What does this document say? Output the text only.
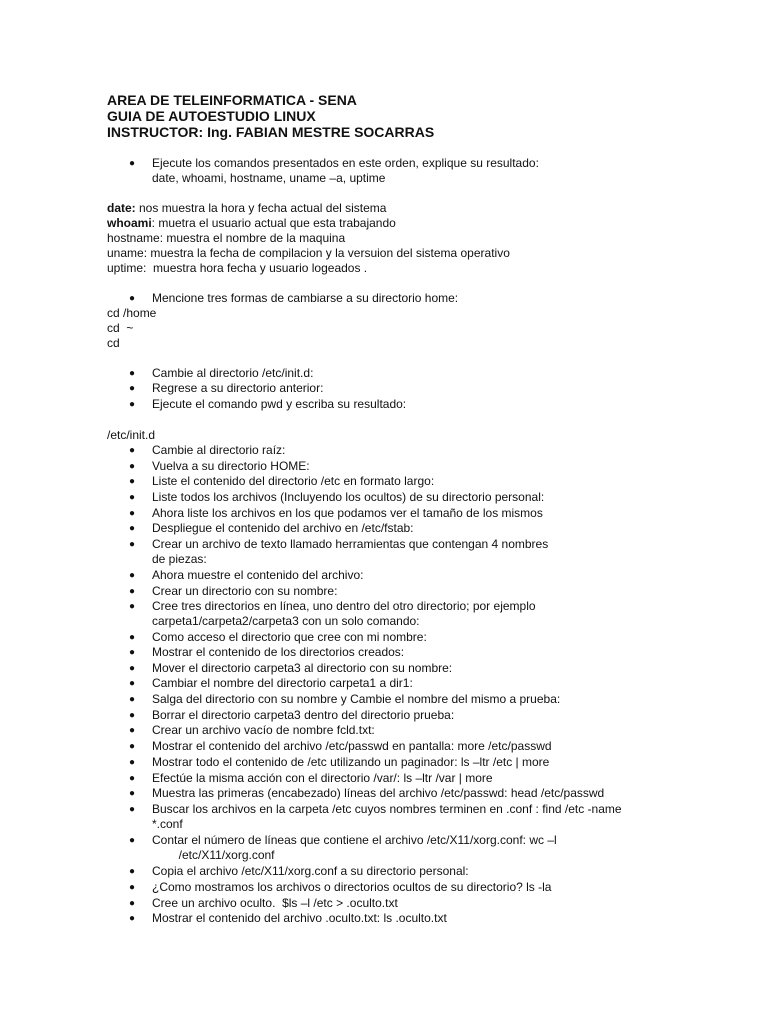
AREA DE TELEINFORMATICA - SENA
GUIA DE AUTOESTUDIO LINUX
INSTRUCTOR: Ing. FABIAN MESTRE SOCARRAS
● Ejecute los comandos presentados en este orden, explique su resultado:
date, whoami, hostname, uname –a, uptime
date: nos muestra la hora y fecha actual del sistema
whoami: muetra el usuario actual que esta trabajando
hostname: muestra el nombre de la maquina
uname: muestra la fecha de compilacion y la versuion del sistema operativo
uptime:  muestra hora fecha y usuario logeados .
● Mencione tres formas de cambiarse a su directorio home:
cd /home
cd  ~
cd
● Cambie al directorio /etc/init.d:
● Regrese a su directorio anterior:
● Ejecute el comando pwd y escriba su resultado:
/etc/init.d
● Cambie al directorio raíz:
● Vuelva a su directorio HOME:
● Liste el contenido del directorio /etc en formato largo:
● Liste todos los archivos (Incluyendo los ocultos) de su directorio personal:
● Ahora liste los archivos en los que podamos ver el tamaño de los mismos
● Despliegue el contenido del archivo en /etc/fstab:
● Crear un archivo de texto llamado herramientas que contengan 4 nombres
de piezas:
● Ahora muestre el contenido del archivo:
● Crear un directorio con su nombre:
● Cree tres directorios en línea, uno dentro del otro directorio; por ejemplo
carpeta1/carpeta2/carpeta3 con un solo comando:
● Como acceso el directorio que cree con mi nombre:
● Mostrar el contenido de los directorios creados:
● Mover el directorio carpeta3 al directorio con su nombre:
● Cambiar el nombre del directorio carpeta1 a dir1:
● Salga del directorio con su nombre y Cambie el nombre del mismo a prueba:
● Borrar el directorio carpeta3 dentro del directorio prueba:
● Crear un archivo vacío de nombre fcld.txt:
● Mostrar el contenido del archivo /etc/passwd en pantalla: more /etc/passwd
● Mostrar todo el contenido de /etc utilizando un paginador: ls –ltr /etc | more
● Efectúe la misma acción con el directorio /var/: ls –ltr /var | more
● Muestra las primeras (encabezado) líneas del archivo /etc/passwd: head /etc/passwd
● Buscar los archivos en la carpeta /etc cuyos nombres terminen en .conf : find /etc -name
*.conf
● Contar el número de líneas que contiene el archivo /etc/X11/xorg.conf: wc –l
/etc/X11/xorg.conf
● Copia el archivo /etc/X11/xorg.conf a su directorio personal:
● ¿Como mostramos los archivos o directorios ocultos de su directorio? ls -la
● Cree un archivo oculto.  $ls –l /etc > .oculto.txt
● Mostrar el contenido del archivo .oculto.txt: ls .oculto.txt
